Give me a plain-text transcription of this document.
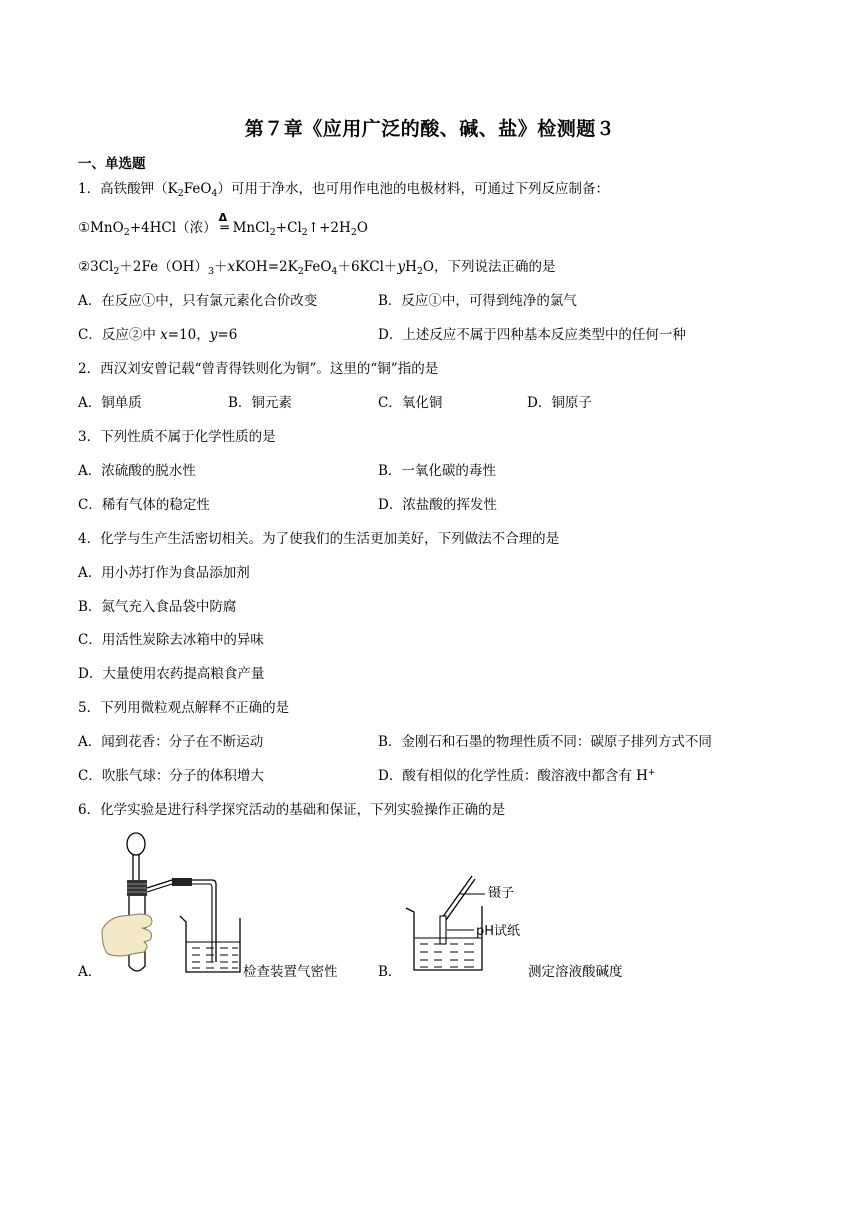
第７章《应用广泛的酸、碱、盐》检测题３
一、单选题
1．高铁酸钾$(K_2FeO_4)$可用于净水，也可用作电池的电极材料，可通过下列反应制备：
①MnO$_2$+4HCl（浓）
Δ
═ $MnCl_2+Cl_2↑+2H_2O$
$②3Cl_2+2Fe(OH)_3+xKOH=2K_2FeO_4+6KCl+yH_2O$，下列说法正确的是
A．在反应①中，只有氯元素化合价改变	B．反应①中，可得到纯净的氯气
C．反应②中 x=10，y=6	D．上述反应不属于四种基本反应类型中的任何一种
2．西汉刘安曾记载“曾青得铁则化为铜”。这里的“铜”指的是
A．铜单质	B．铜元素	C．氧化铜	D．铜原子
3．下列性质不属于化学性质的是
A．浓硫酸的脱水性	B．一氧化碳的毒性
C．稀有气体的稳定性	D．浓盐酸的挥发性
4．化学与生产生活密切相关。为了使我们的生活更加美好，下列做法不合理的是
A．用小苏打作为食品添加剂
B．氮气充入食品袋中防腐
C．用活性炭除去冰箱中的异味
D．大量使用农药提高粮食产量
5．下列用微粒观点解释不正确的是
A．闻到花香：分子在不断运动	B．金刚石和石墨的物理性质不同：碳原子排列方式不同
C．吹胀气球：分子的体积增大	D．酸有相似的化学性质：酸溶液中都含有 H+
6．化学实验是进行科学探究活动的基础和保证，下列实验操作正确的是
A．	检查装置气密性
镊子
pH试纸
B．	测定溶液酸碱度
